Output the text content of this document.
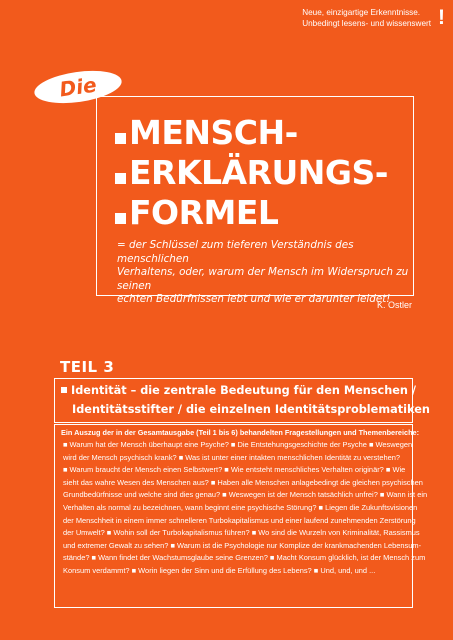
Neue, einzigartige Erkenntnisse.
Unbedingt lesens- und wissenswert !
Die
MENSCH-
ERKLÄRUNGS-
FORMEL
= der Schlüssel zum tieferen Verständnis des menschlichen
Verhaltens, oder, warum der Mensch im Widerspruch zu seinen
echten Bedürfnissen lebt und wie er darunter leidet!
K. Ostler
TEIL 3
Identität – die zentrale Bedeutung für den Menschen /
Identitätsstifter / die einzelnen Identitätsproblematiken
Ein Auszug der in der Gesamtausgabe (Teil 1 bis 6) behandelten Fragestellungen und Themenbereiche:
■ Warum hat der Mensch überhaupt eine Psyche? ■ Die Entstehungsgeschichte der Psyche ■ Weswegen
wird der Mensch psychisch krank? ■ Was ist unter einer intakten menschlichen Identität zu verstehen?
■ Warum braucht der Mensch einen Selbstwert? ■ Wie entsteht menschliches Verhalten originär? ■ Wie
sieht das wahre Wesen des Menschen aus? ■ Haben alle Menschen anlagebedingt die gleichen psychischen
Grundbedürfnisse und welche sind dies genau? ■ Weswegen ist der Mensch tatsächlich unfrei? ■ Wann ist ein
Verhalten als normal zu bezeichnen, wann beginnt eine psychische Störung? ■ Liegen die Zukunftsvisionen
der Menschheit in einem immer schnelleren Turbokapitalismus und einer laufend zunehmenden Zerstörung
der Umwelt? ■ Wohin soll der Turbokapitalismus führen? ■ Wo sind die Wurzeln von Kriminalität, Rassismus
und extremer Gewalt zu sehen? ■ Warum ist die Psychologie nur Komplize der krankmachenden Lebensum-
stände? ■ Wann findet der Wachstumsglaube seine Grenzen? ■ Macht Konsum glücklich, ist der Mensch zum
Konsum verdammt? ■ Worin liegen der Sinn und die Erfüllung des Lebens? ■ Und, und, und ...
